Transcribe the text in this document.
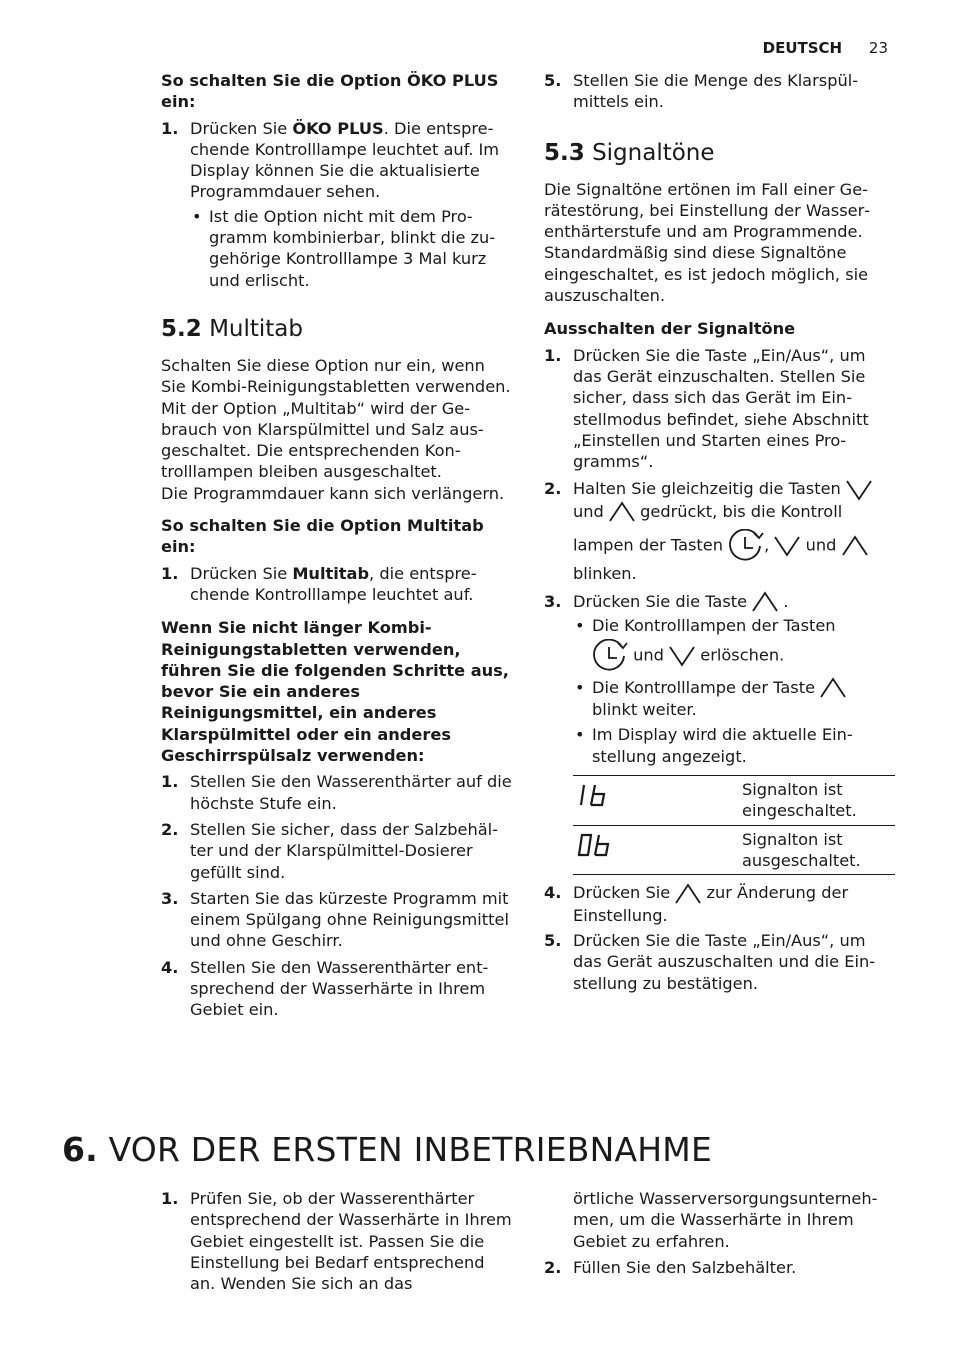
DEUTSCH 23

So schalten Sie die Option ÖKO PLUS ein:

1. Drücken Sie ÖKO PLUS. Die entsprechende Kontrolllampe leuchtet auf. Im Display können Sie die aktualisierte Programmdauer sehen.
• Ist die Option nicht mit dem Programm kombinierbar, blinkt die zugehörige Kontrolllampe 3 Mal kurz und erlischt.
5.2 Multitab

Schalten Sie diese Option nur ein, wenn Sie Kombi-Reinigungstabletten verwenden.

Mit der Option „Multitab“ wird der Gebrauch von Klarspülmittel und Salz ausgeschaltet. Die entsprechenden Kontrolllampen bleiben ausgeschaltet.

Die Programmdauer kann sich verlängern.

So schalten Sie die Option Multitab ein:

1. Drücken Sie Multitab, die entsprechende Kontrolllampe leuchtet auf.

Wenn Sie nicht länger Kombi-Reinigungstabletten verwenden, führen Sie die folgenden Schritte aus, bevor Sie ein anderes Reinigungsmittel, ein anderes Klarspülmittel oder ein anderes Geschirrspülsalz verwenden:

1. Stellen Sie den Wasserenthärter auf die höchste Stufe ein.
2. Stellen Sie sicher, dass der Salzbehälter und der Klarspülmittel-Dosierer gefüllt sind.
3. Starten Sie das kürzeste Programm mit einem Spülgang ohne Reinigungsmittel und ohne Geschirr.
4. Stellen Sie den Wasserenthärter entsprechend der Wasserhärte in Ihrem Gebiet ein.
5. Stellen Sie die Menge des Klarspülmittels ein.
5.3 Signaltöne

Die Signaltöne ertönen im Fall einer Gerätestörung, bei Einstellung der Wasserenthärterstufe und am Programmende. Standardmäßig sind diese Signaltöne eingeschaltet, es ist jedoch möglich, sie auszuschalten.

Ausschalten der Signaltöne

1. Drücken Sie die Taste „Ein/Aus“, um das Gerät einzuschalten. Stellen Sie sicher, dass sich das Gerät im Einstellmodus befindet, siehe Abschnitt „Einstellen und Starten eines Programms“.
2. Halten Sie gleichzeitig die Tasten
und gedrückt, bis die Kontroll
lampen der Tasten	, und
blinken.
3. Drücken Sie die Taste .
• Die Kontrolllampen der Tasten
und erlöschen.
• Die Kontrolllampe der Taste
blinkt weiter.
• Im Display wird die aktuelle Einstellung angezeigt.
	Signalton ist eingeschaltet.
	Signalton ist ausgeschaltet.
4. Drücken Sie zur Änderung der Einstellung.
5. Drücken Sie die Taste „Ein/Aus“, um das Gerät auszuschalten und die Einstellung zu bestätigen.
6. VOR DER ERSTEN INBETRIEBNAHME
1. Prüfen Sie, ob der Wasserenthärter entsprechend der Wasserhärte in Ihrem Gebiet eingestellt ist. Passen Sie die Einstellung bei Bedarf entsprechend an. Wenden Sie sich an das
örtliche Wasserversorgungsunternehmen, um die Wasserhärte in Ihrem Gebiet zu erfahren.
2. Füllen Sie den Salzbehälter.
